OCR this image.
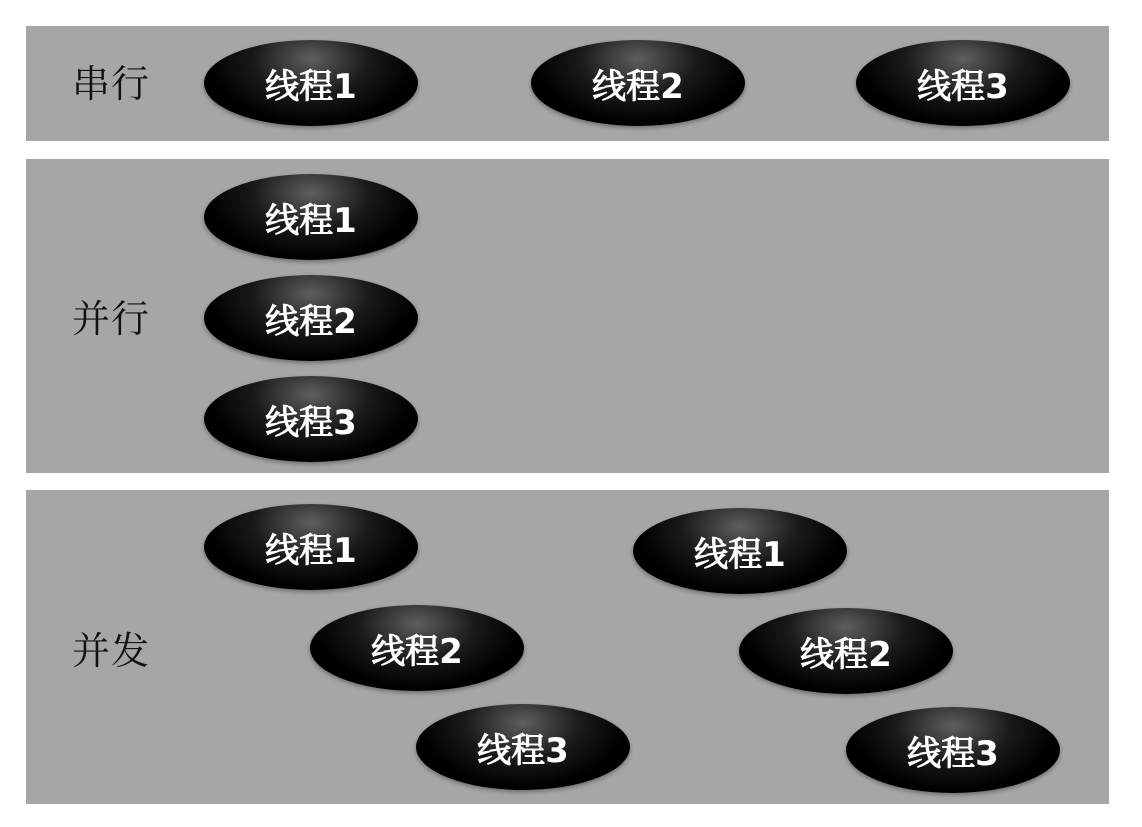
串行	线程1	线程2	线程3
并行
线程1
线程2
线程3
并发
线程1
线程2
线程3
线程1
线程2
线程3
